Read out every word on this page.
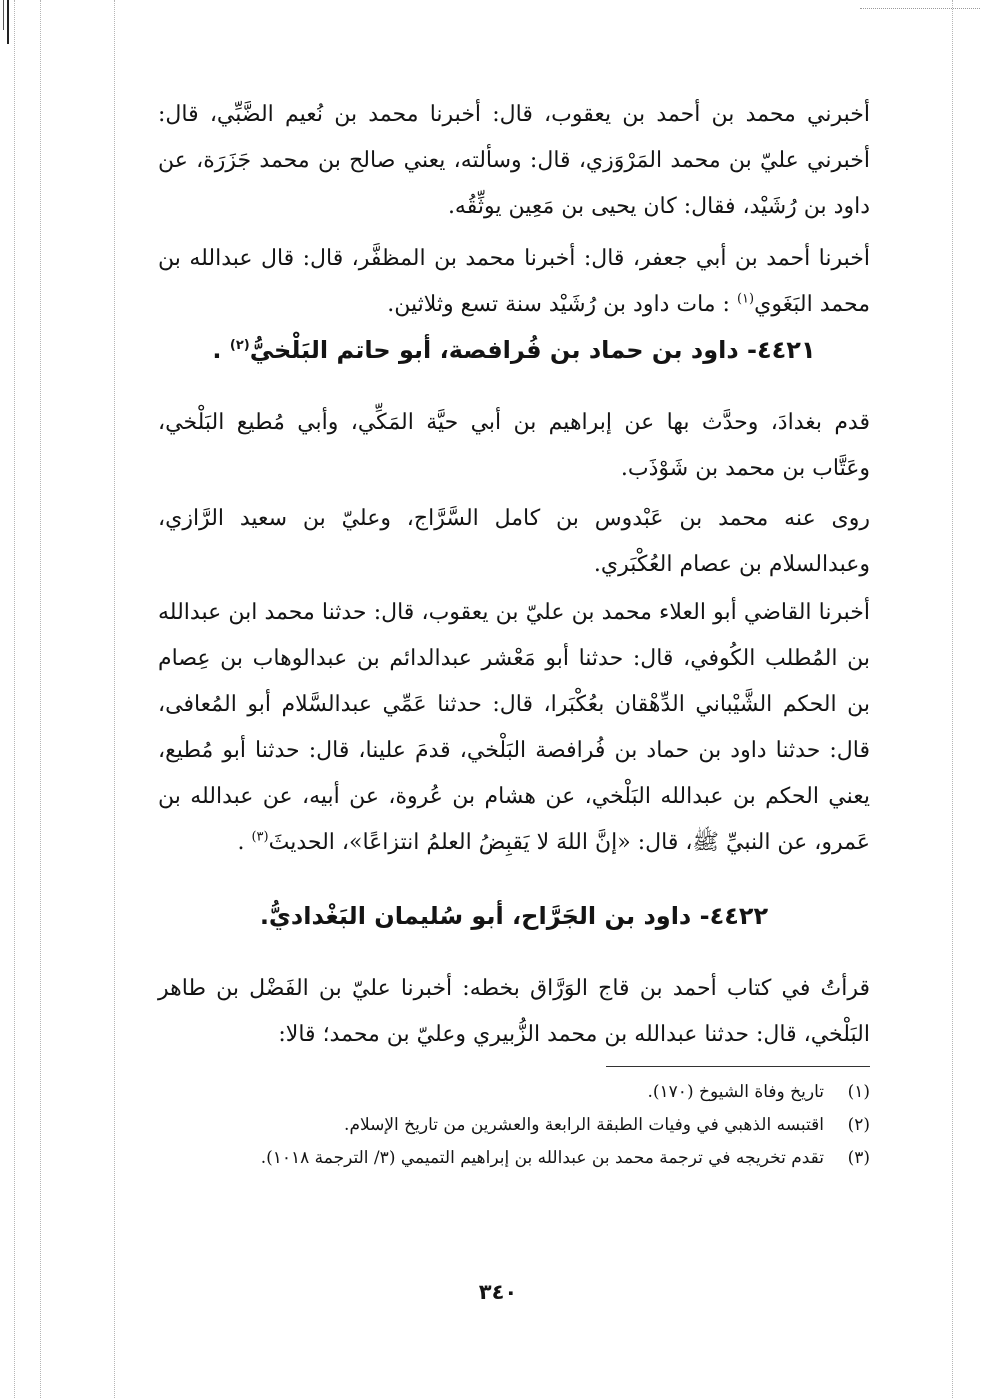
أخبرني محمد بن أحمد بن يعقوب، قال: أخبرنا محمد بن نُعيم الضَّبِّي، قال: أخبرني عليّ بن محمد المَرْوَزي، قال: وسألته، يعني صالح بن محمد جَزَرَة، عن داود بن رُشَيْد، فقال: كان يحيى بن مَعِين يوثِّقُه.

أخبرنا أحمد بن أبي جعفر، قال: أخبرنا محمد بن المظفَّر، قال: قال عبدالله بن محمد البَغَوي$^{(١)}$ : مات داود بن رُشَيْد سنة تسع وثلاثين.

٤٤٢١- داود بن حماد بن فُرافصة، أبو حاتم البَلْخيُّ$^{(٢)}$ .

قدم بغدادَ، وحدَّث بها عن إبراهيم بن أبي حيَّة المَكِّي، وأبي مُطيع البَلْخي، وعَتَّاب بن محمد بن شَوْذَب.

روى عنه محمد بن عَبْدوس بن كامل السَّرَّاج، وعليّ بن سعيد الرَّازي، وعبدالسلام بن عصام العُكْبَري.

أخبرنا القاضي أبو العلاء محمد بن عليّ بن يعقوب، قال: حدثنا محمد ابن عبدالله بن المُطلب الكُوفي، قال: حدثنا أبو مَعْشر عبدالدائم بن عبدالوهاب بن عِصام بن الحكم الشَّيْباني الدِّهْقان بعُكْبَرا، قال: حدثنا عَمِّي عبدالسَّلام أبو المُعافى، قال: حدثنا داود بن حماد بن فُرافصة البَلْخي، قدمَ علينا، قال: حدثنا أبو مُطيع، يعني الحكم بن عبدالله البَلْخي، عن هشام بن عُروة، عن أبيه، عن عبدالله بن عَمرو، عن النبيِّ ﷺ، قال: «إنَّ اللهَ لا يَقبِضُ العلمُ انتزاعًا»، الحديثَ$^{(٣)}$ .

٤٤٢٢- داود بن الجَرَّاح، أبو سُليمان البَغْداديُّ.

قرأتُ في كتاب أحمد بن قاج الوَرَّاق بخطه: أخبرنا عليّ بن الفَضْل بن طاهر البَلْخي، قال: حدثنا عبدالله بن محمد الزُّبيري وعليّ بن محمد؛ قالا:

(١)تاريخ وفاة الشيوخ (١٧٠).

(٢)اقتبسه الذهبي في وفيات الطبقة الرابعة والعشرين من تاريخ الإسلام.

(٣)تقدم تخريجه في ترجمة محمد بن عبدالله بن إبراهيم التميمي (٣/ الترجمة ١٠١٨).

٣٤٠
